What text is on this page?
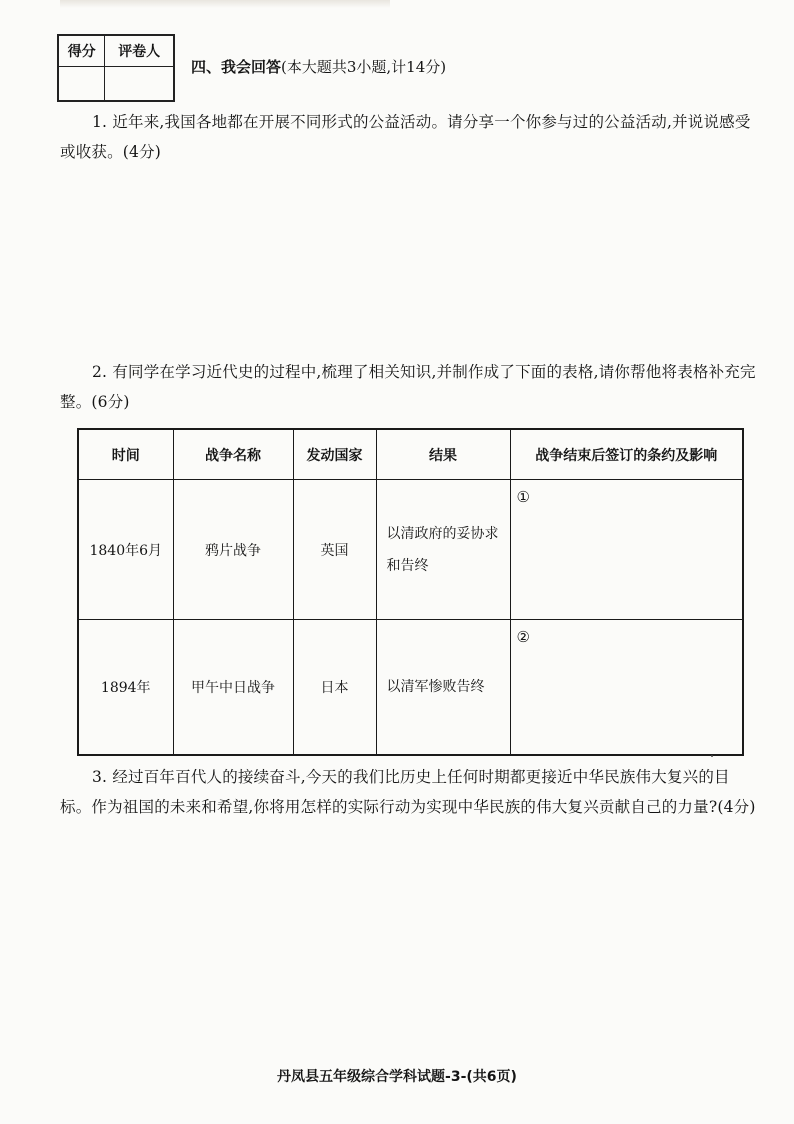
得分	评卷人

四、我会回答(本大题共3小题,计14分)
1. 近年来,我国各地都在开展不同形式的公益活动。请分享一个你参与过的公益活动,并说说感受或收获。(4分)
2. 有同学在学习近代史的过程中,梳理了相关知识,并制作成了下面的表格,请你帮他将表格补充完整。(6分)
时间	战争名称	发动国家	结果	战争结束后签订的条约及影响
1840年6月	鸦片战争	英国	以清政府的妥协求和告终	①
1894年	甲午中日战争	日本	以清军惨败告终	②
3. 经过百年百代人的接续奋斗,今天的我们比历史上任何时期都更接近中华民族伟大复兴的目标。作为祖国的未来和希望,你将用怎样的实际行动为实现中华民族的伟大复兴贡献自己的力量?(4分)
丹凤县五年级综合学科试题-3-(共6页)
